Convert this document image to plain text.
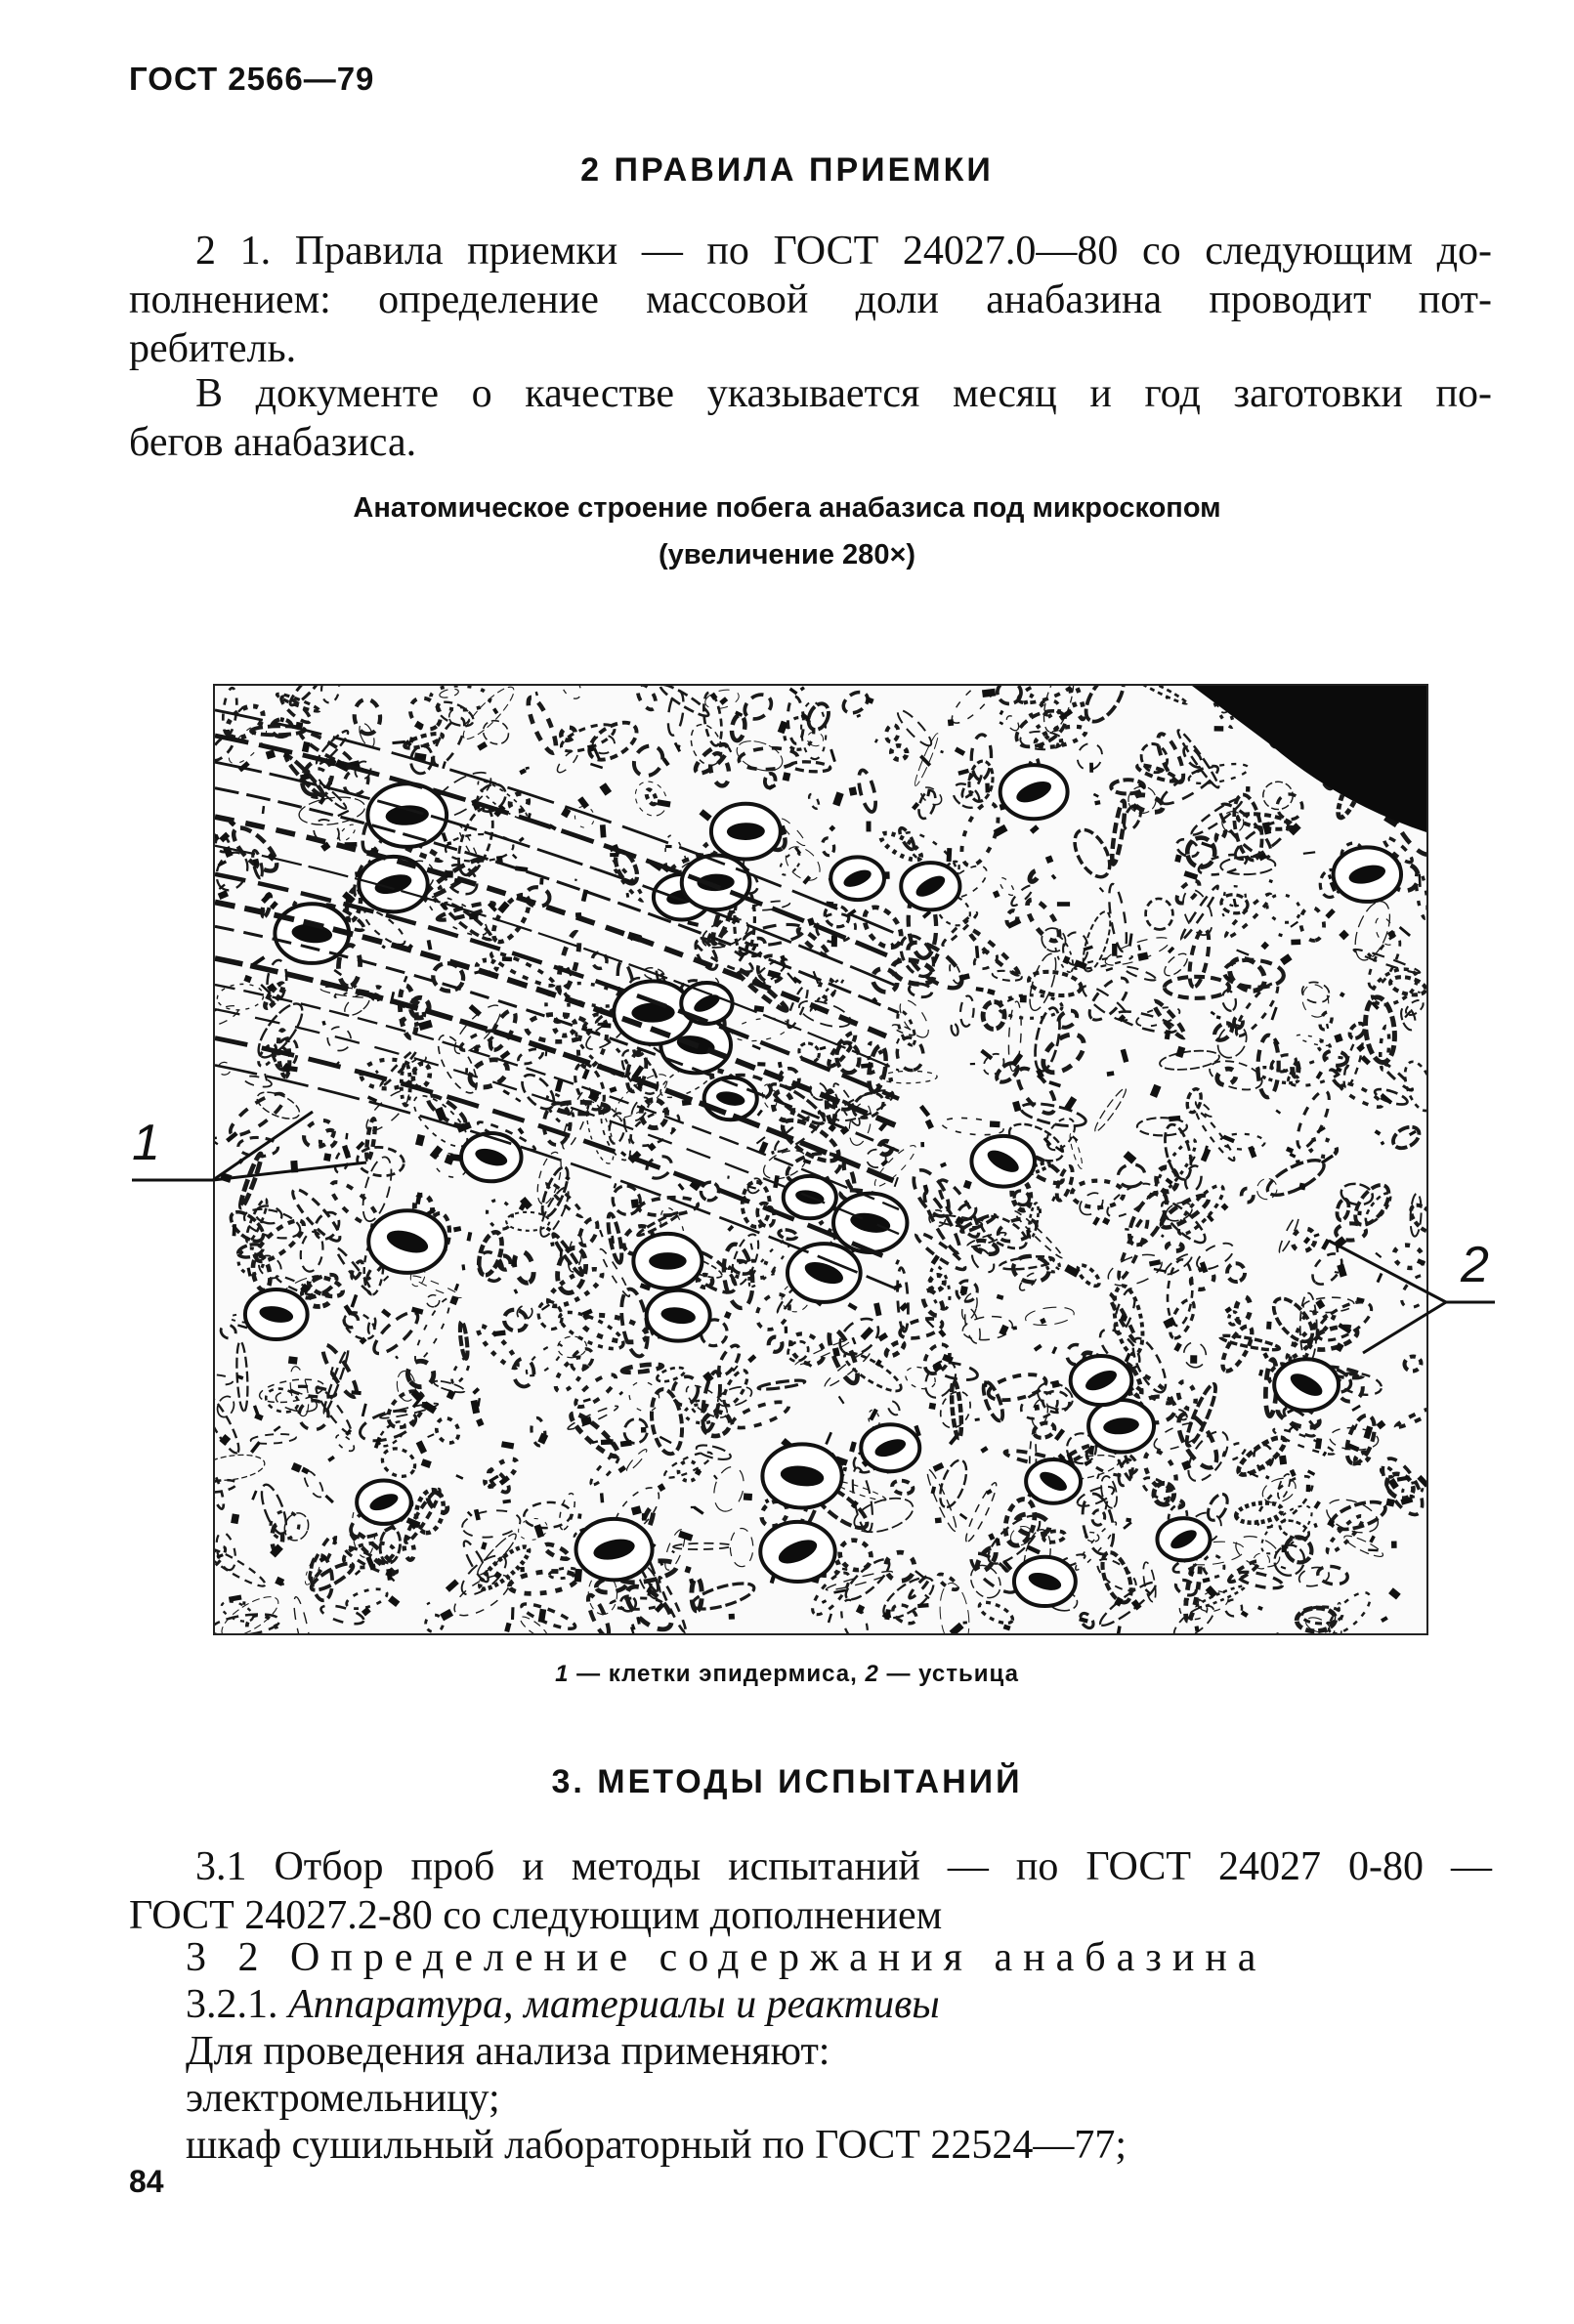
ГОСТ 2566—79
2 ПРАВИЛА ПРИЕМКИ
2 1. Правила приемки — по ГОСТ 24027.0—80 со следующим до-
полнением: определение массовой доли анабазина проводит пот-
ребитель.
В документе о качестве указывается месяц и год заготовки по-
бегов анабазиса.
Анатомическое строение побега анабазиса под микроскопом
(увеличение 280×)
1
2
1 — клетки эпидермиса, 2 — устьица
3. МЕТОДЫ ИСПЫТАНИЙ
3.1 Отбор проб и методы испытаний — по ГОСТ 24027 0-80 —
ГОСТ 24027.2-80 со следующим дополнением
3 2 Определение содержания анабазина
3.2.1. Аппаратура, материалы и реактивы
Для проведения анализа применяют:
электромельницу;
шкаф сушильный лабораторный по ГОСТ 22524—77;
84
